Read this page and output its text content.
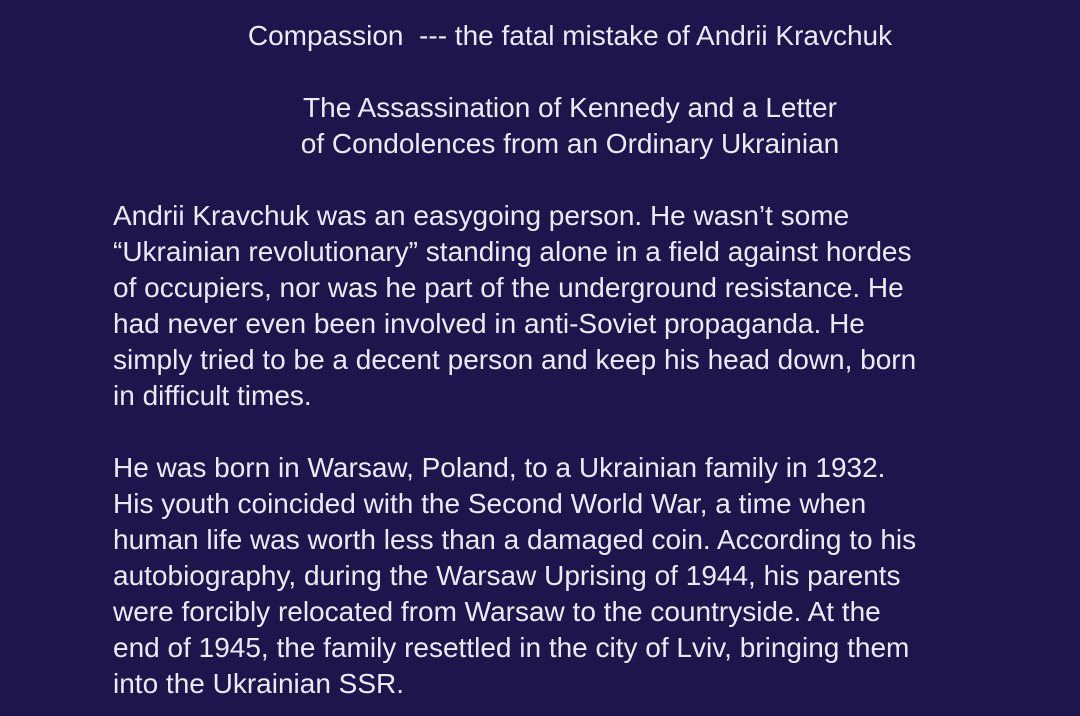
Compassion  --- the fatal mistake of Andrii Kravchuk
The Assassination of Kennedy and a Letter
of Condolences from an Ordinary Ukrainian

Andrii Kravchuk was an easygoing person. He wasn’t some
“Ukrainian revolutionary” standing alone in a field against hordes
of occupiers, nor was he part of the underground resistance. He
had never even been involved in anti-Soviet propaganda. He
simply tried to be a decent person and keep his head down, born
in difficult times.

He was born in Warsaw, Poland, to a Ukrainian family in 1932.
His youth coincided with the Second World War, a time when
human life was worth less than a damaged coin. According to his
autobiography, during the Warsaw Uprising of 1944, his parents
were forcibly relocated from Warsaw to the countryside. At the
end of 1945, the family resettled in the city of Lviv, bringing them
into the Ukrainian SSR.
